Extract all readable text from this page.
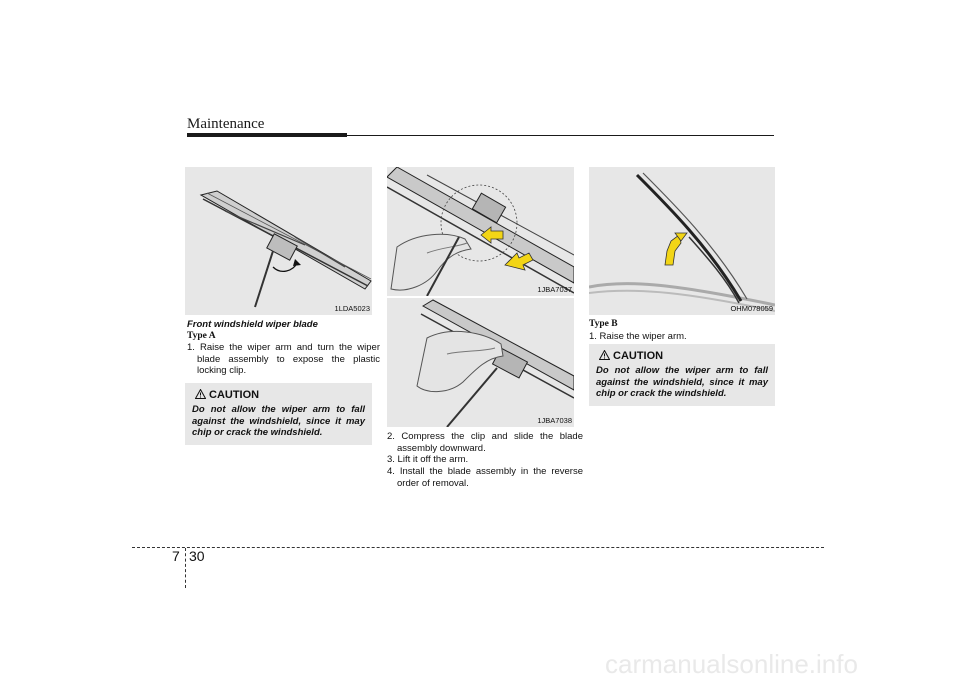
Maintenance
1LDA5023
Front windshield wiper blade
Type A
1. Raise the wiper arm and turn the wiper blade assembly to expose the plastic locking clip.
CAUTION
Do not allow the wiper arm to fall against the windshield, since it may chip or crack the windshield.
1JBA7037
1JBA7038
2. Compress the clip and slide the blade assembly downward.
3. Lift it off the arm.
4. Install the blade assembly in the reverse order of removal.
OHM078059
Type B
1. Raise the wiper arm.
CAUTION
Do not allow the wiper arm to fall against the windshield, since it may chip or crack the windshield.
7 30
carmanualsonline.info
